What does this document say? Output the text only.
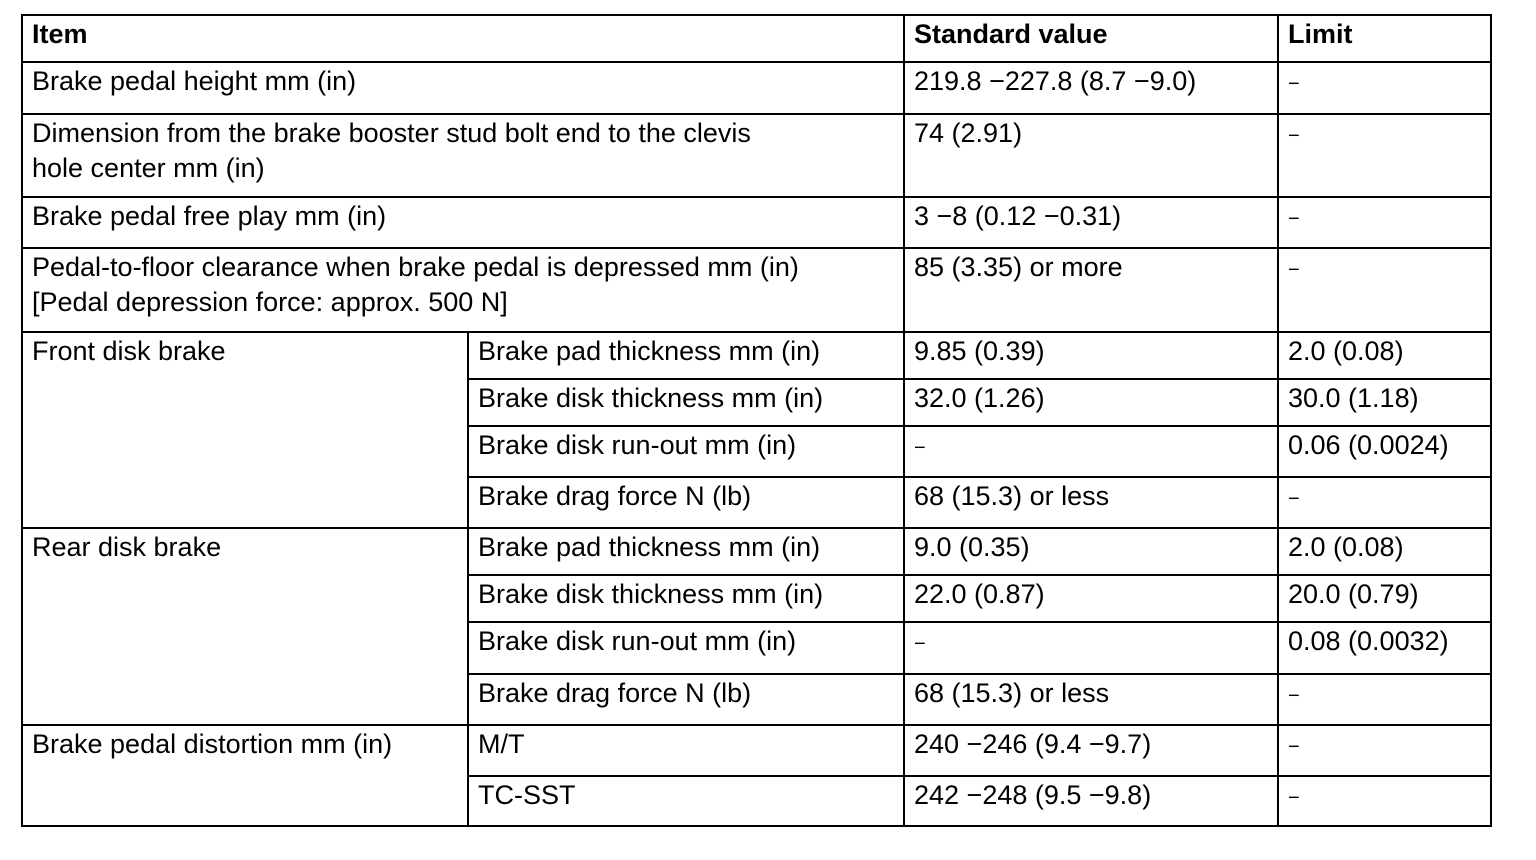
Item		Standard value	Limit
Brake pedal height mm (in)		219.8 −227.8 (8.7 −9.0)	−

Dimension from the brake booster stud bolt end to the clevis
hole center mm (in)		74 (2.91)	−
Brake pedal free play mm (in)		3 −8 (0.12 −0.31)	−

Pedal-to-floor clearance when brake pedal is depressed mm (in)
[Pedal depression force: approx. 500 N]		85 (3.35) or more	−
Front disk brake	Brake pad thickness mm (in)	9.85 (0.39)	2.0 (0.08)
	Brake disk thickness mm (in)	32.0 (1.26)	30.0 (1.18)
	Brake disk run-out mm (in)	−	0.06 (0.0024)
	Brake drag force N (lb)	68 (15.3) or less	−
Rear disk brake	Brake pad thickness mm (in)	9.0 (0.35)	2.0 (0.08)
	Brake disk thickness mm (in)	22.0 (0.87)	20.0 (0.79)
	Brake disk run-out mm (in)	−	0.08 (0.0032)
	Brake drag force N (lb)	68 (15.3) or less	−
Brake pedal distortion mm (in)	M/T	240 −246 (9.4 −9.7)	−
	TC-SST	242 −248 (9.5 −9.8)	−
